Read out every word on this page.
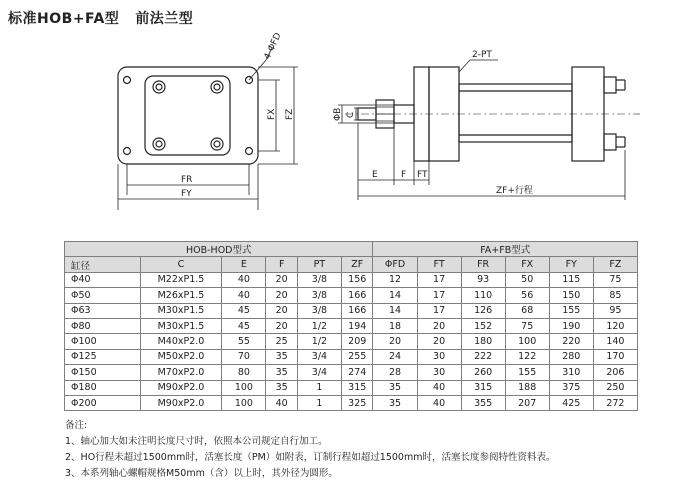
标准HOB+FA型 前法兰型
4-ΦFD
FX FZ
FR
FY
2-PT
ΦB C
E	F FT
ZF+行程
HOB-HOD型式						FA+FB型式					
缸径	C	E	F	PT	ZF	ΦFD	FT	FR	FX	FY	FZ
Φ40	M22xP1.5	40	20	3/8	156	12	17	93	50	115	75
Φ50	M26xP1.5	40	20	3/8	166	14	17	110	56	150	85
Φ63	M30xP1.5	45	20	3/8	166	14	17	126	68	155	95
Φ80	M30xP1.5	45	20	1/2	194	18	20	152	75	190	120
Φ100	M40xP2.0	55	25	1/2	209	20	20	180	100	220	140
Φ125	M50xP2.0	70	35	3/4	255	24	30	222	122	280	170
Φ150	M70xP2.0	80	35	3/4	274	28	30	260	155	310	206
Φ180	M90xP2.0	100	35	1	315	35	40	315	188	375	250
Φ200	M90xP2.0	100	40	1	325	35	40	355	207	425	272
备注:
1、轴心加大如未注明长度尺寸时，依照本公司规定自行加工。
2、HO行程未超过1500mm时，活塞长度（PM）如附表，订制行程如超过1500mm时，活塞长度参阅特性资料表。
3、本系列轴心螺帽规格M50mm（含）以上时，其外径为圆形。
